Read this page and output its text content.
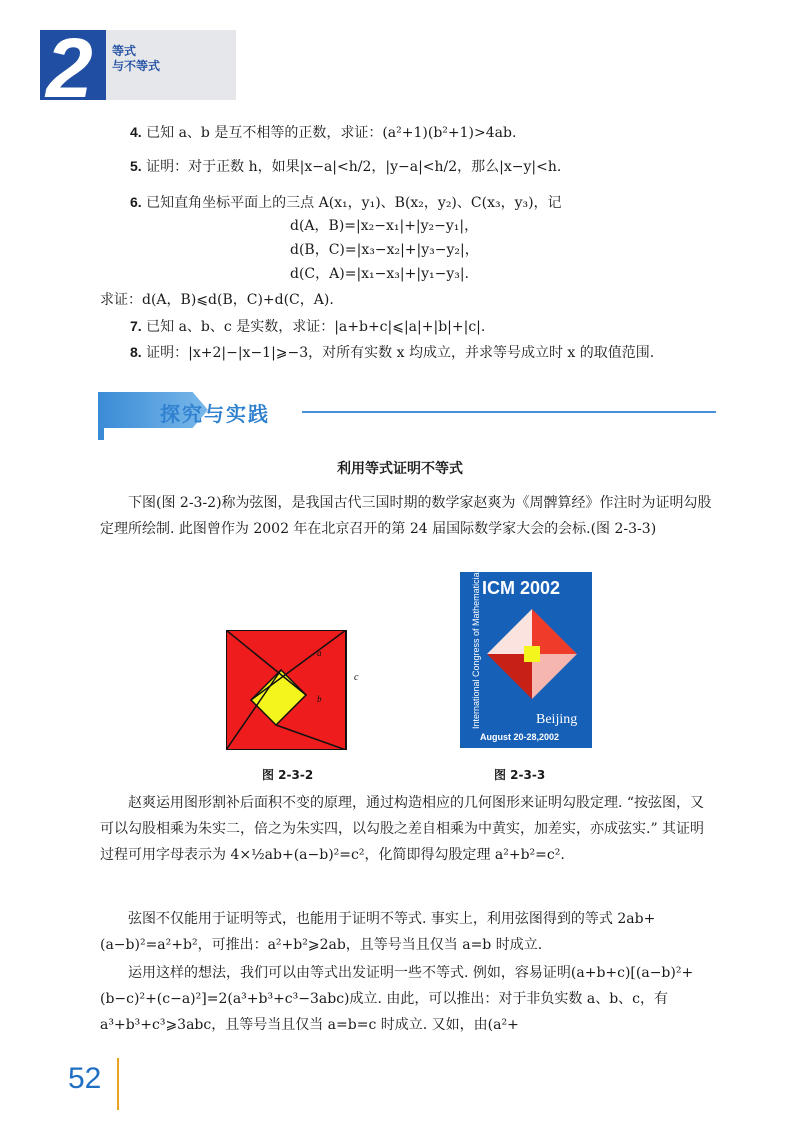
2 等式
与不等式
4. 已知 a、b 是互不相等的正数，求证：(a²+1)(b²+1)>4ab.
5. 证明：对于正数 h，如果|x−a|<h/2，|y−a|<h/2，那么|x−y|<h.
6. 已知直角坐标平面上的三点 A(x₁，y₁)、B(x₂，y₂)、C(x₃，y₃)，记
d(A，B)=|x₂−x₁|+|y₂−y₁|，
d(B，C)=|x₃−x₂|+|y₃−y₂|，
d(C，A)=|x₁−x₃|+|y₁−y₃|.
求证：d(A，B)⩽d(B，C)+d(C，A).
7. 已知 a、b、c 是实数，求证：|a+b+c|⩽|a|+|b|+|c|.
8. 证明：|x+2|−|x−1|⩾−3，对所有实数 x 均成立，并求等号成立时 x 的取值范围.
探究与实践
利用等式证明不等式
下图(图 2-3-2)称为弦图，是我国古代三国时期的数学家赵爽为《周髀算经》作注时为证明勾股定理所绘制. 此图曾作为 2002 年在北京召开的第 24 届国际数学家大会的会标.(图 2-3-3)
a
b
c
图 2-3-2
ICM 2002
International Congress of Mathematicians	Beijing
August 20-28,2002
图 2-3-3
赵爽运用图形割补后面积不变的原理，通过构造相应的几何图形来证明勾股定理. “按弦图，又可以勾股相乘为朱实二，倍之为朱实四，以勾股之差自相乘为中黄实，加差实，亦成弦实.” 其证明过程可用字母表示为 4×½ab+(a−b)²=c²，化简即得勾股定理 a²+b²=c².
弦图不仅能用于证明等式，也能用于证明不等式. 事实上，利用弦图得到的等式 2ab+(a−b)²=a²+b²，可推出：a²+b²⩾2ab，且等号当且仅当 a=b 时成立.
运用这样的想法，我们可以由等式出发证明一些不等式. 例如，容易证明(a+b+c)[(a−b)²+(b−c)²+(c−a)²]=2(a³+b³+c³−3abc)成立. 由此，可以推出：对于非负实数 a、b、c，有 a³+b³+c³⩾3abc，且等号当且仅当 a=b=c 时成立. 又如，由(a²+
52
